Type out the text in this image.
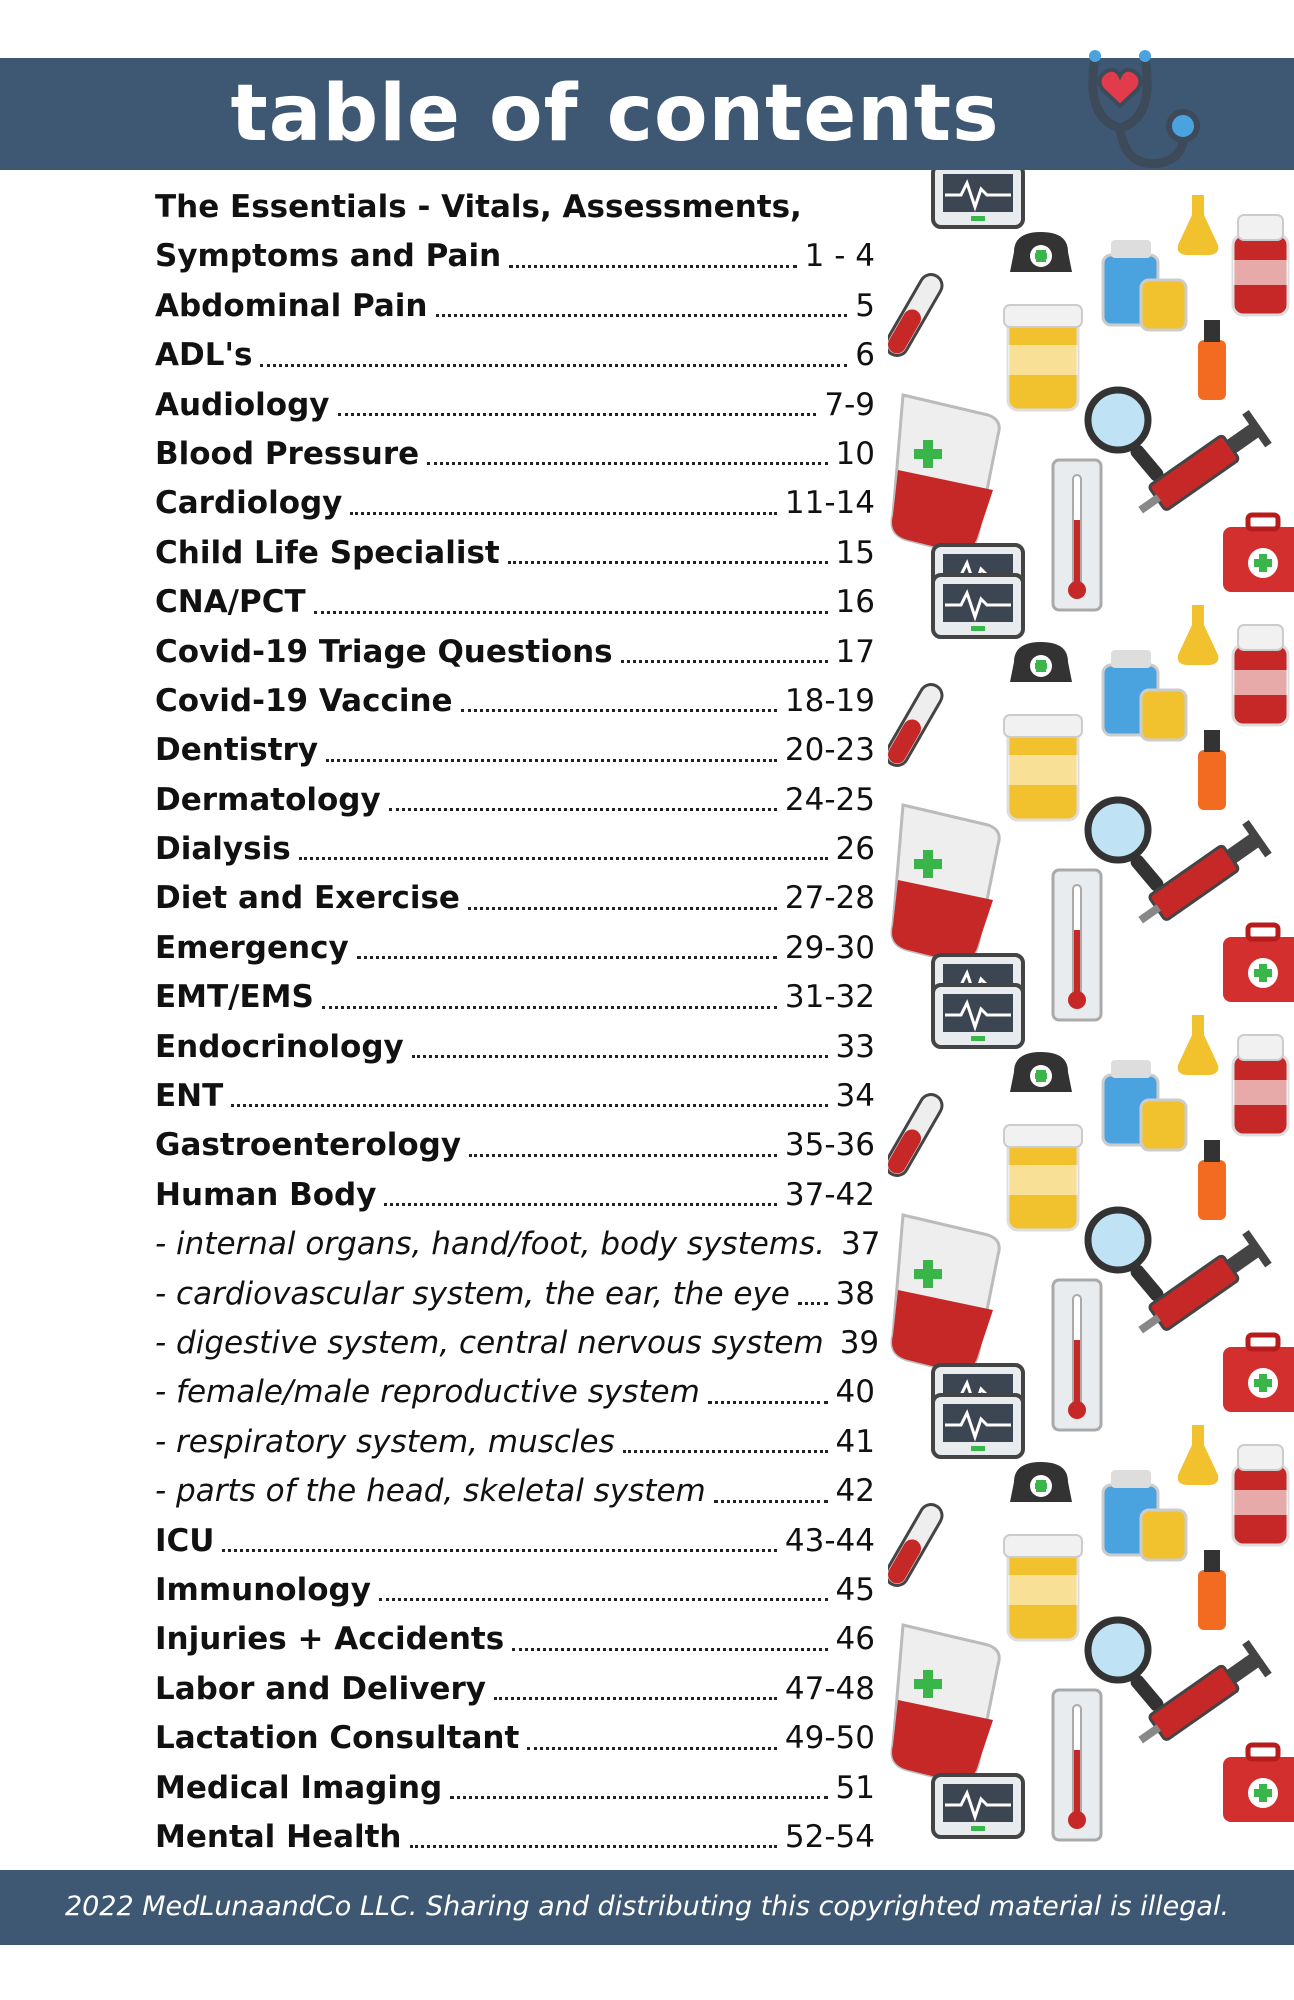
table of contents
The Essentials - Vitals, Assessments,
Symptoms and Pain	1 - 4
Abdominal Pain	5
ADL's	6
Audiology	7-9
Blood Pressure	10
Cardiology	11-14
Child Life Specialist	15
CNA/PCT	16
Covid-19 Triage Questions	17
Covid-19 Vaccine	18-19
Dentistry	20-23
Dermatology	24-25
Dialysis	26
Diet and Exercise	27-28
Emergency	29-30
EMT/EMS	31-32
Endocrinology	33
ENT	34
Gastroenterology	35-36
Human Body	37-42
- internal organs, hand/foot, body systems. 37
- cardiovascular system, the ear, the eye 38
- digestive system, central nervous system 39
- female/male reproductive system	40
- respiratory system, muscles	41
- parts of the head, skeletal system	42
ICU	43-44
Immunology	45
Injuries + Accidents	46
Labor and Delivery	47-48
Lactation Consultant	49-50
Medical Imaging	51
Mental Health	52-54
2022 MedLunaandCo LLC. Sharing and distributing this copyrighted material is illegal.
